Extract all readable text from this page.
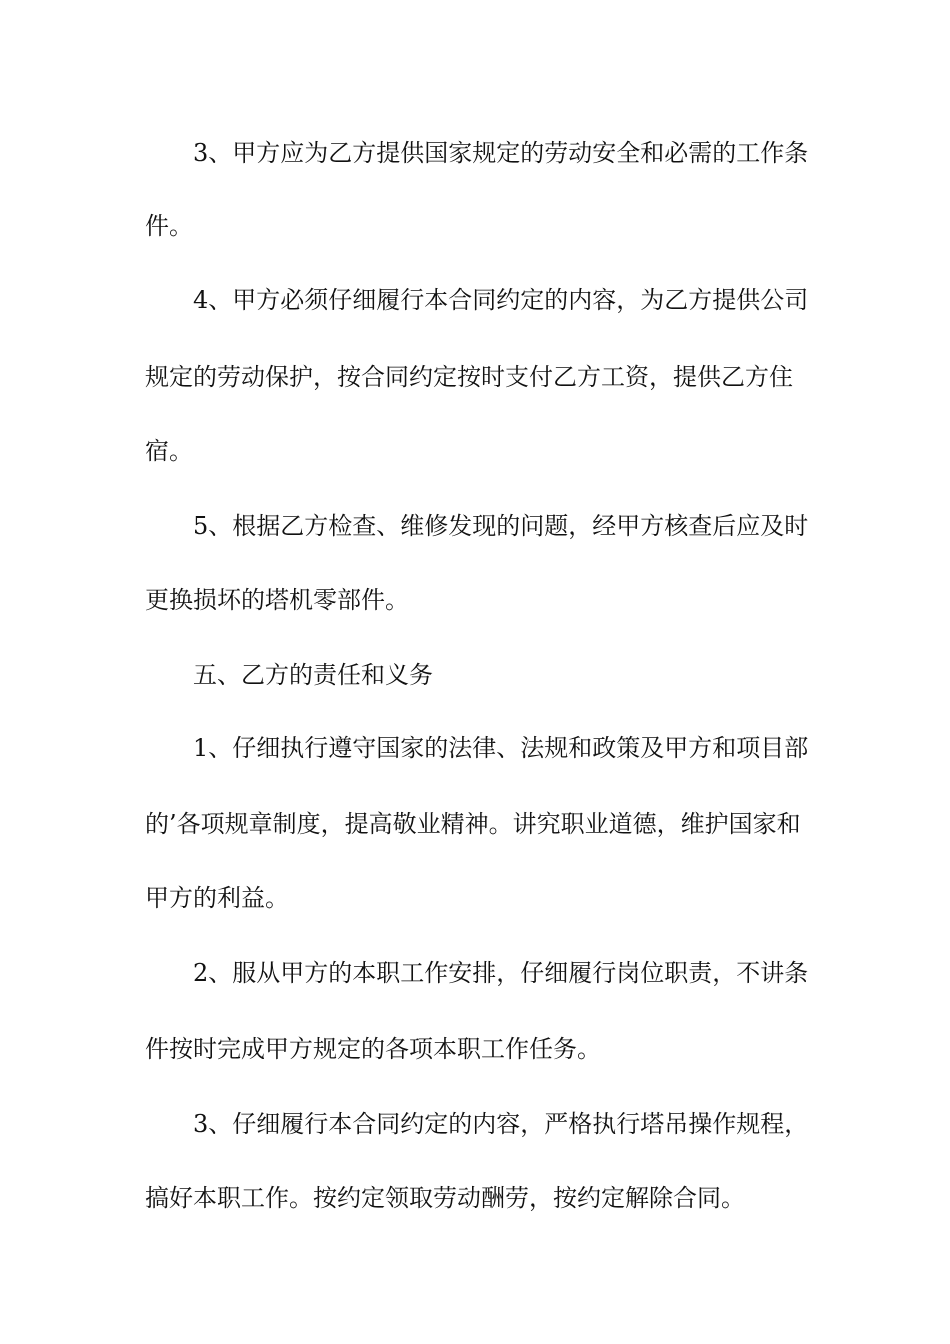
3、甲方应为乙方提供国家规定的劳动安全和必需的工作条
件。
4、甲方必须仔细履行本合同约定的内容，为乙方提供公司
规定的劳动保护，按合同约定按时支付乙方工资，提供乙方住
宿。
5、根据乙方检查、维修发现的问题，经甲方核查后应及时
更换损坏的塔机零部件。
五、乙方的责任和义务
1、仔细执行遵守国家的法律、法规和政策及甲方和项目部
的’各项规章制度，提高敬业精神。讲究职业道德，维护国家和
甲方的利益。
2、服从甲方的本职工作安排，仔细履行岗位职责，不讲条
件按时完成甲方规定的各项本职工作任务。
3、仔细履行本合同约定的内容，严格执行塔吊操作规程，
搞好本职工作。按约定领取劳动酬劳，按约定解除合同。
